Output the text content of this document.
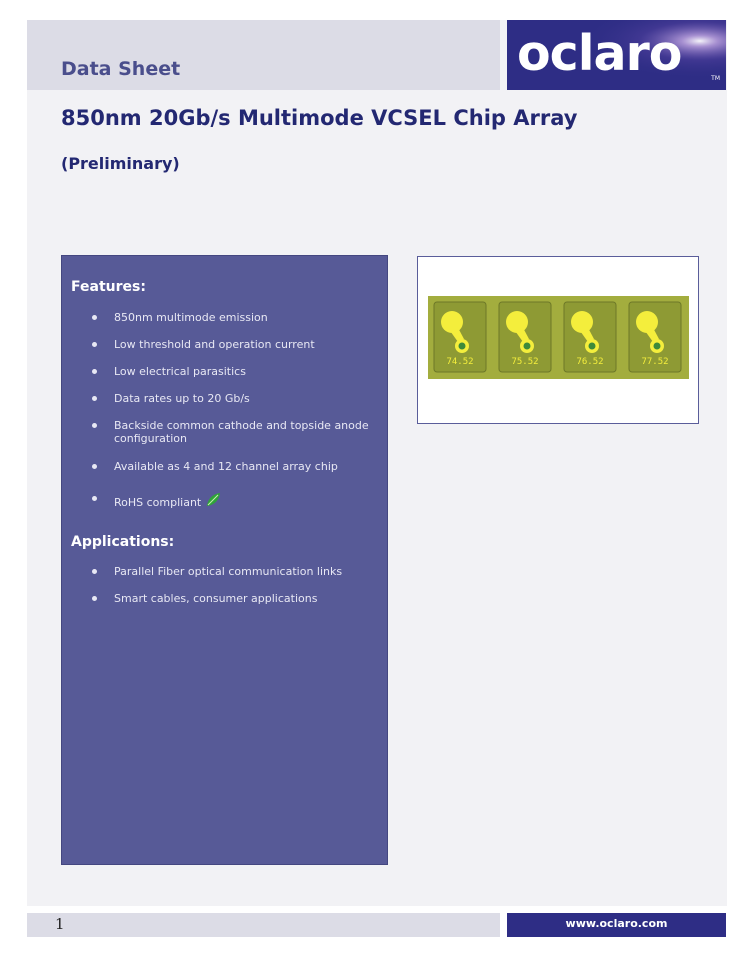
Data Sheet	oclaro	TM
850nm 20Gb/s Multimode VCSEL Chip Array
(Preliminary)
Features:
850nm multimode emission
Low threshold and operation current
Low electrical parasitics
Data rates up to 20 Gb/s
Backside common cathode and topside anode configuration
Available as 4 and 12 channel array chip
RoHS compliant
Applications:
Parallel Fiber optical communication links
Smart cables, consumer applications
74.52	75.52	76.52	77.52
1	www.oclaro.com
